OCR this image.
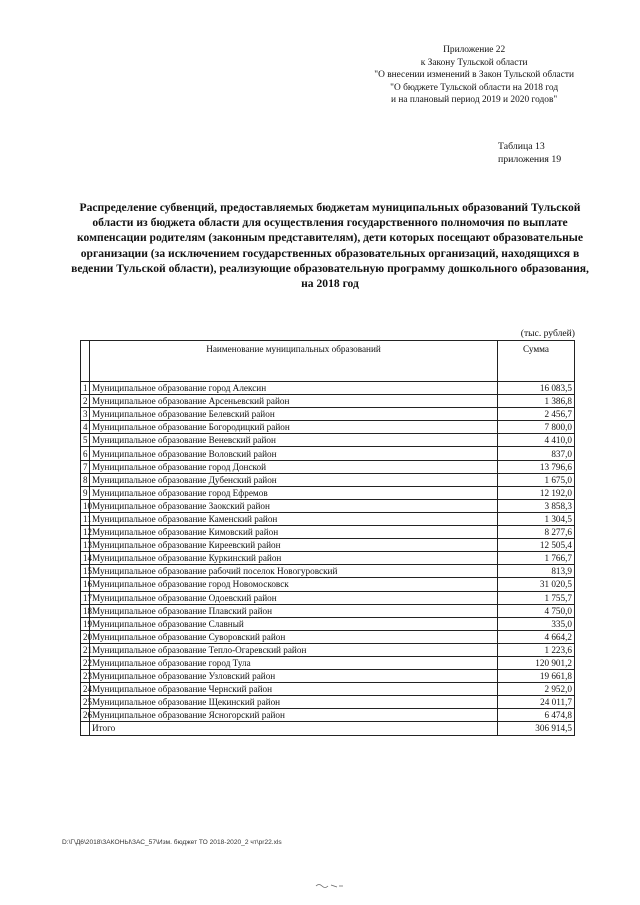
Приложение 22
к Закону Тульской области
"О внесении изменений в Закон Тульской области
"О бюджете Тульской области на 2018 год
и на плановый период 2019 и 2020 годов"
Таблица 13
приложения 19
Распределение субвенций, предоставляемых бюджетам муниципальных образований Тульской области из бюджета области для осуществления государственного полномочия по выплате компенсации родителям (законным представителям), дети которых посещают образовательные организации (за исключением государственных образовательных организаций, находящихся в ведении Тульской области), реализующие образовательную программу дошкольного образования, на 2018 год
(тыс. рублей)
	Наименование муниципальных образований	Сумма
1	Муниципальное образование город Алексин	16 083,5
2	Муниципальное образование Арсеньевский район	1 386,8
3	Муниципальное образование Белевский район	2 456,7
4	Муниципальное образование Богородицкий район	7 800,0
5	Муниципальное образование Веневский район	4 410,0
6	Муниципальное образование Воловский район	837,0
7	Муниципальное образование город Донской	13 796,6
8	Муниципальное образование Дубенский район	1 675,0
9	Муниципальное образование город Ефремов	12 192,0
10	Муниципальное образование Заокский район	3 858,3
11	Муниципальное образование Каменский район	1 304,5
12	Муниципальное образование Кимовский район	8 277,6
13	Муниципальное образование Киреевский район	12 505,4
14	Муниципальное образование Куркинский район	1 766,7
15	Муниципальное образование рабочий поселок Новогуровский	813,9
16	Муниципальное образование город Новомосковск	31 020,5
17	Муниципальное образование Одоевский район	1 755,7
18	Муниципальное образование Плавский район	4 750,0
19	Муниципальное образование Славный	335,0
20	Муниципальное образование Суворовский район	4 664,2
21	Муниципальное образование Тепло-Огаревский район	1 223,6
22	Муниципальное образование город Тула	120 901,2
23	Муниципальное образование Узловский район	19 661,8
24	Муниципальное образование Чернский район	2 952,0
25	Муниципальное образование Щекинский район	24 011,7
26	Муниципальное образование Ясногорский район	6 474,8
	Итого	306 914,5
D:\Г\Д6\2018\ЗАКОНЫ\ЗАС_57\Изм. бюджет ТО 2018-2020_2 чт\pr22.xls
